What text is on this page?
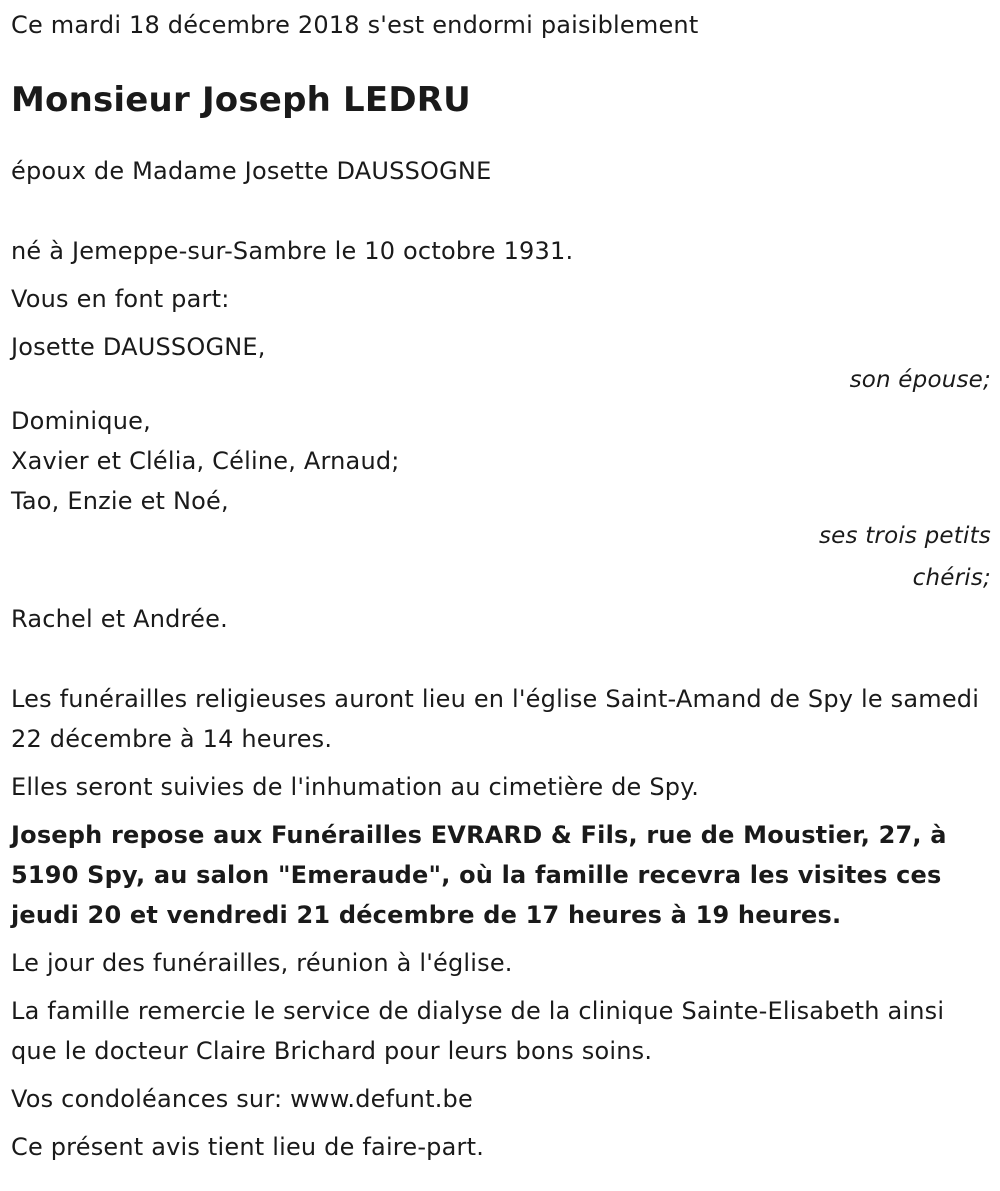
Ce mardi 18 décembre 2018 s'est endormi paisiblement

Monsieur Joseph LEDRU

époux de Madame Josette DAUSSOGNE

né à Jemeppe-sur-Sambre le 10 octobre 1931.

Vous en font part:

Josette DAUSSOGNE,
son épouse;
Dominique,
Xavier et Clélia, Céline, Arnaud;
Tao, Enzie et Noé,
ses trois petits chéris;
Rachel et Andrée.

Les funérailles religieuses auront lieu en l'église Saint-Amand de Spy le samedi 22 décembre à 14 heures.

Elles seront suivies de l'inhumation au cimetière de Spy.

Joseph repose aux Funérailles EVRARD & Fils, rue de Moustier, 27, à 5190 Spy, au salon "Emeraude", où la famille recevra les visites ces jeudi 20 et vendredi 21 décembre de 17 heures à 19 heures.

Le jour des funérailles, réunion à l'église.

La famille remercie le service de dialyse de la clinique Sainte-Elisabeth ainsi que le docteur Claire Brichard pour leurs bons soins.

Vos condoléances sur: www.defunt.be

Ce présent avis tient lieu de faire-part.
